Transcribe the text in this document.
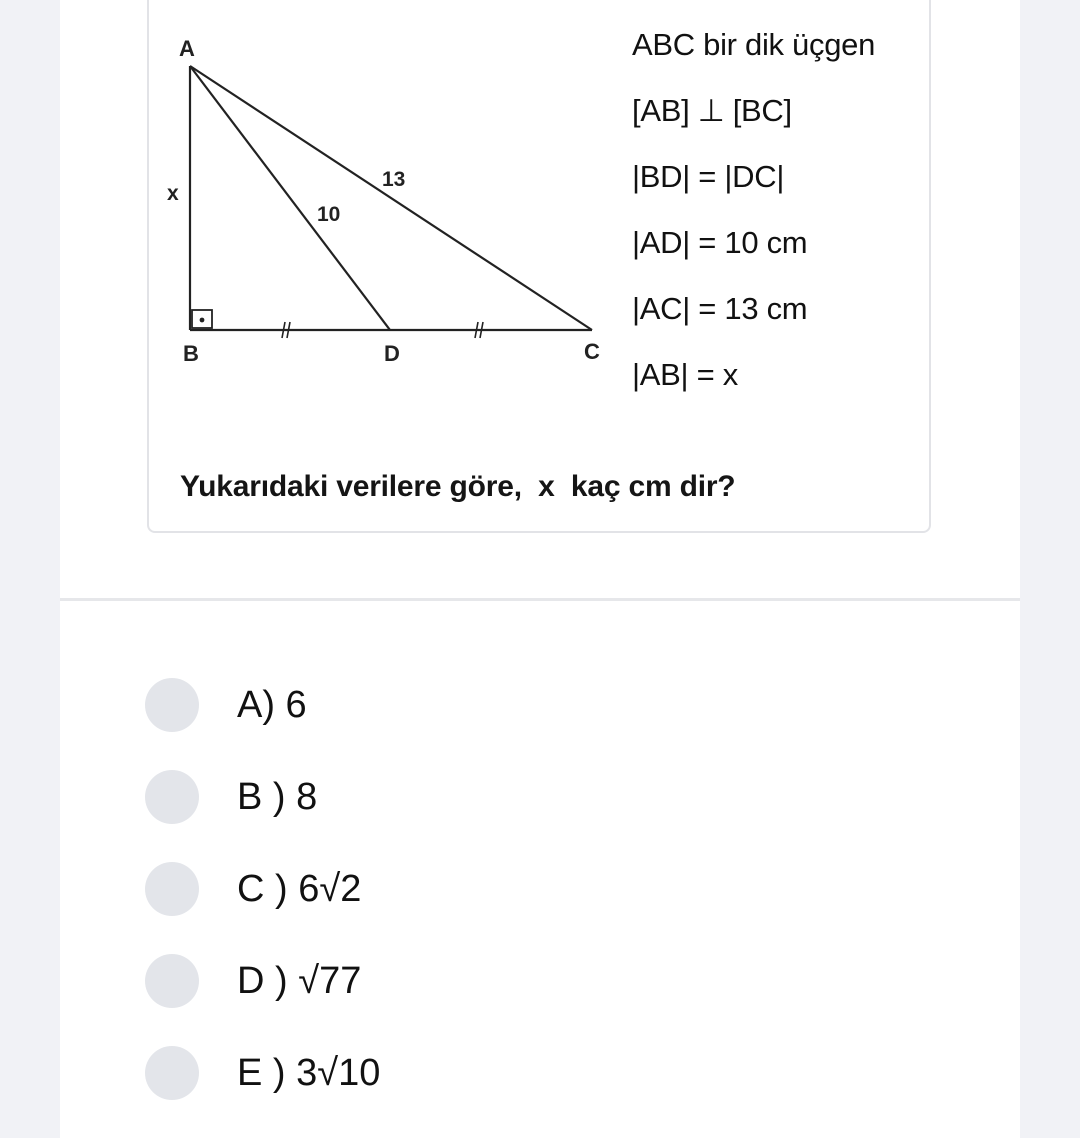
A
B	D	C
x
10
13
ABC bir dik üçgen
[AB] ⊥ [BC]
|BD| = |DC|
|AD| = 10 cm
|AC| = 13 cm
|AB| = x
Yukarıdaki verilere göre,  x  kaç cm dir?
A) 6
B ) 8
C ) 6√2
D ) √77
E ) 3√10
